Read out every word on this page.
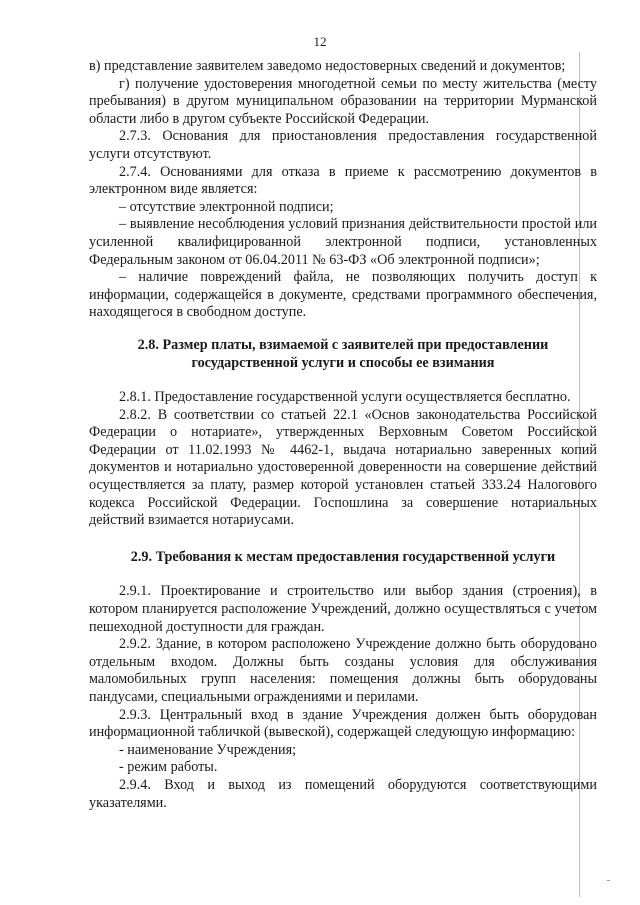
12

в) представление заявителем заведомо недостоверных сведений и документов;

г) получение удостоверения многодетной семьи по месту жительства (месту пребывания) в другом муниципальном образовании на территории Мурманской области либо в другом субъекте Российской Федерации.

2.7.3. Основания для приостановления предоставления государственной услуги отсутствуют.

2.7.4. Основаниями для отказа в приеме к рассмотрению документов в электронном виде является:

– отсутствие электронной подписи;

– выявление несоблюдения условий признания действительности простой или усиленной квалифицированной электронной подписи, установленных Федеральным законом от 06.04.2011 № 63-ФЗ «Об электронной подписи»;

– наличие повреждений файла, не позволяющих получить доступ к информации, содержащейся в документе, средствами программного обеспечения, находящегося в свободном доступе.

2.8. Размер платы, взимаемой с заявителей при предоставлении
государственной услуги и способы ее взимания

2.8.1. Предоставление государственной услуги осуществляется бесплатно.

2.8.2. В соответствии со статьей 22.1 «Основ законодательства Российской Федерации о нотариате», утвержденных Верховным Советом Российской Федерации от 11.02.1993 № 4462-1, выдача нотариально заверенных копий документов и нотариально удостоверенной доверенности на совершение действий осуществляется за плату, размер которой установлен статьей 333.24 Налогового кодекса Российской Федерации. Госпошлина за совершение нотариальных действий взимается нотариусами.

2.9. Требования к местам предоставления государственной услуги

2.9.1. Проектирование и строительство или выбор здания (строения), в котором планируется расположение Учреждений, должно осуществляться с учетом пешеходной доступности для граждан.

2.9.2. Здание, в котором расположено Учреждение должно быть оборудовано отдельным входом. Должны быть созданы условия для обслуживания маломобильных групп населения: помещения должны быть оборудованы пандусами, специальными ограждениями и перилами.

2.9.3. Центральный вход в здание Учреждения должен быть оборудован информационной табличкой (вывеской), содержащей следующую информацию:

- наименование Учреждения;

- режим работы.

2.9.4. Вход и выход из помещений оборудуются соответствующими указателями.
